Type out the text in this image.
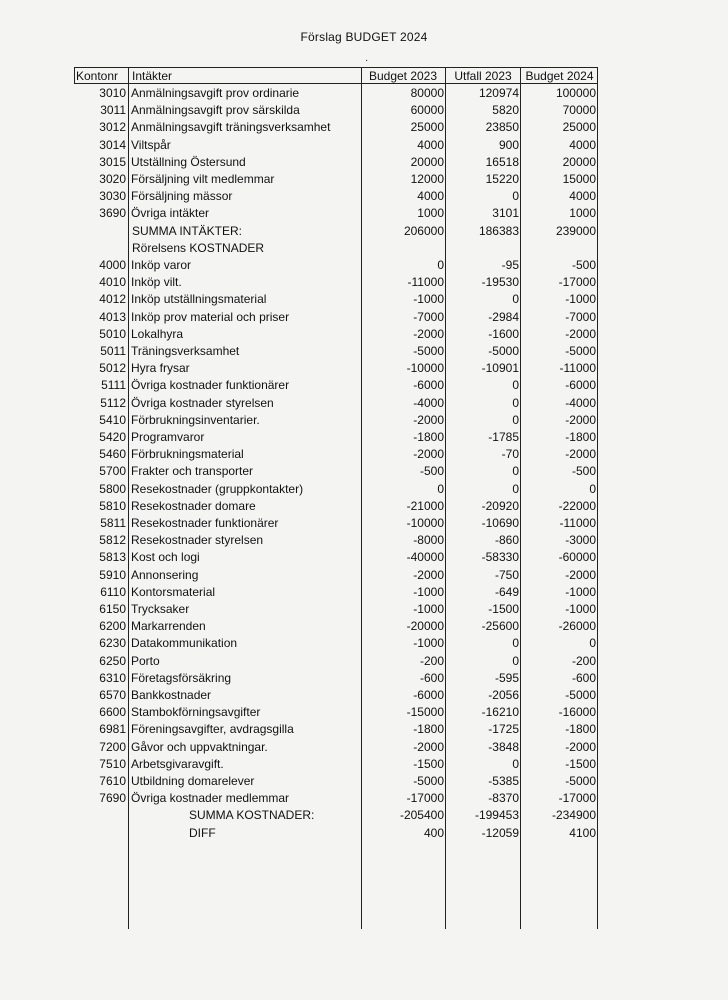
Förslag BUDGET 2024
·
Kontonr	Intäkter	Budget 2023	Utfall 2023	Budget 2024
3010 Anmälningsavgift prov ordinarie	80000	120974	100000
3011 Anmälningsavgift prov särskilda	60000	5820	70000
3012 Anmälningsavgift träningsverksamhet	25000	23850	25000
3014 Viltspår	4000	900	4000
3015 Utställning Östersund	20000	16518	20000
3020 Försäljning vilt medlemmar	12000	15220	15000
3030 Försäljning mässor	4000	0	4000
3690 Övriga intäkter	1000	3101	1000
SUMMA INTÄKTER:	206000	186383	239000
Rörelsens KOSTNADER
4000 Inköp varor	0	-95	-500
4010 Inköp vilt.	-11000	-19530	-17000
4012 Inköp utställningsmaterial	-1000	0	-1000
4013 Inköp prov material och priser	-7000	-2984	-7000
5010 Lokalhyra	-2000	-1600	-2000
5011 Träningsverksamhet	-5000	-5000	-5000
5012 Hyra frysar	-10000	-10901	-11000
5111 Övriga kostnader funktionärer	-6000	0	-6000
5112 Övriga kostnader styrelsen	-4000	0	-4000
5410 Förbrukningsinventarier.	-2000	0	-2000
5420 Programvaror	-1800	-1785	-1800
5460 Förbrukningsmaterial	-2000	-70	-2000
5700 Frakter och transporter	-500	0	-500
5800 Resekostnader (gruppkontakter)	0	0	0
5810 Resekostnader domare	-21000	-20920	-22000
5811 Resekostnader funktionärer	-10000	-10690	-11000
5812 Resekostnader styrelsen	-8000	-860	-3000
5813 Kost och logi	-40000	-58330	-60000
5910 Annonsering	-2000	-750	-2000
6110 Kontorsmaterial	-1000	-649	-1000
6150 Trycksaker	-1000	-1500	-1000
6200 Markarrenden	-20000	-25600	-26000
6230 Datakommunikation	-1000	0	0
6250 Porto	-200	0	-200
6310 Företagsförsäkring	-600	-595	-600
6570 Bankkostnader	-6000	-2056	-5000
6600 Stambokförningsavgifter	-15000	-16210	-16000
6981 Föreningsavgifter, avdragsgilla	-1800	-1725	-1800
7200 Gåvor och uppvaktningar.	-2000	-3848	-2000
7510 Arbetsgivaravgift.	-1500	0	-1500
7610 Utbildning domarelever	-5000	-5385	-5000
7690 Övriga kostnader medlemmar	-17000	-8370	-17000
SUMMA KOSTNADER:	-205400	-199453	-234900
DIFF	400	-12059	4100
